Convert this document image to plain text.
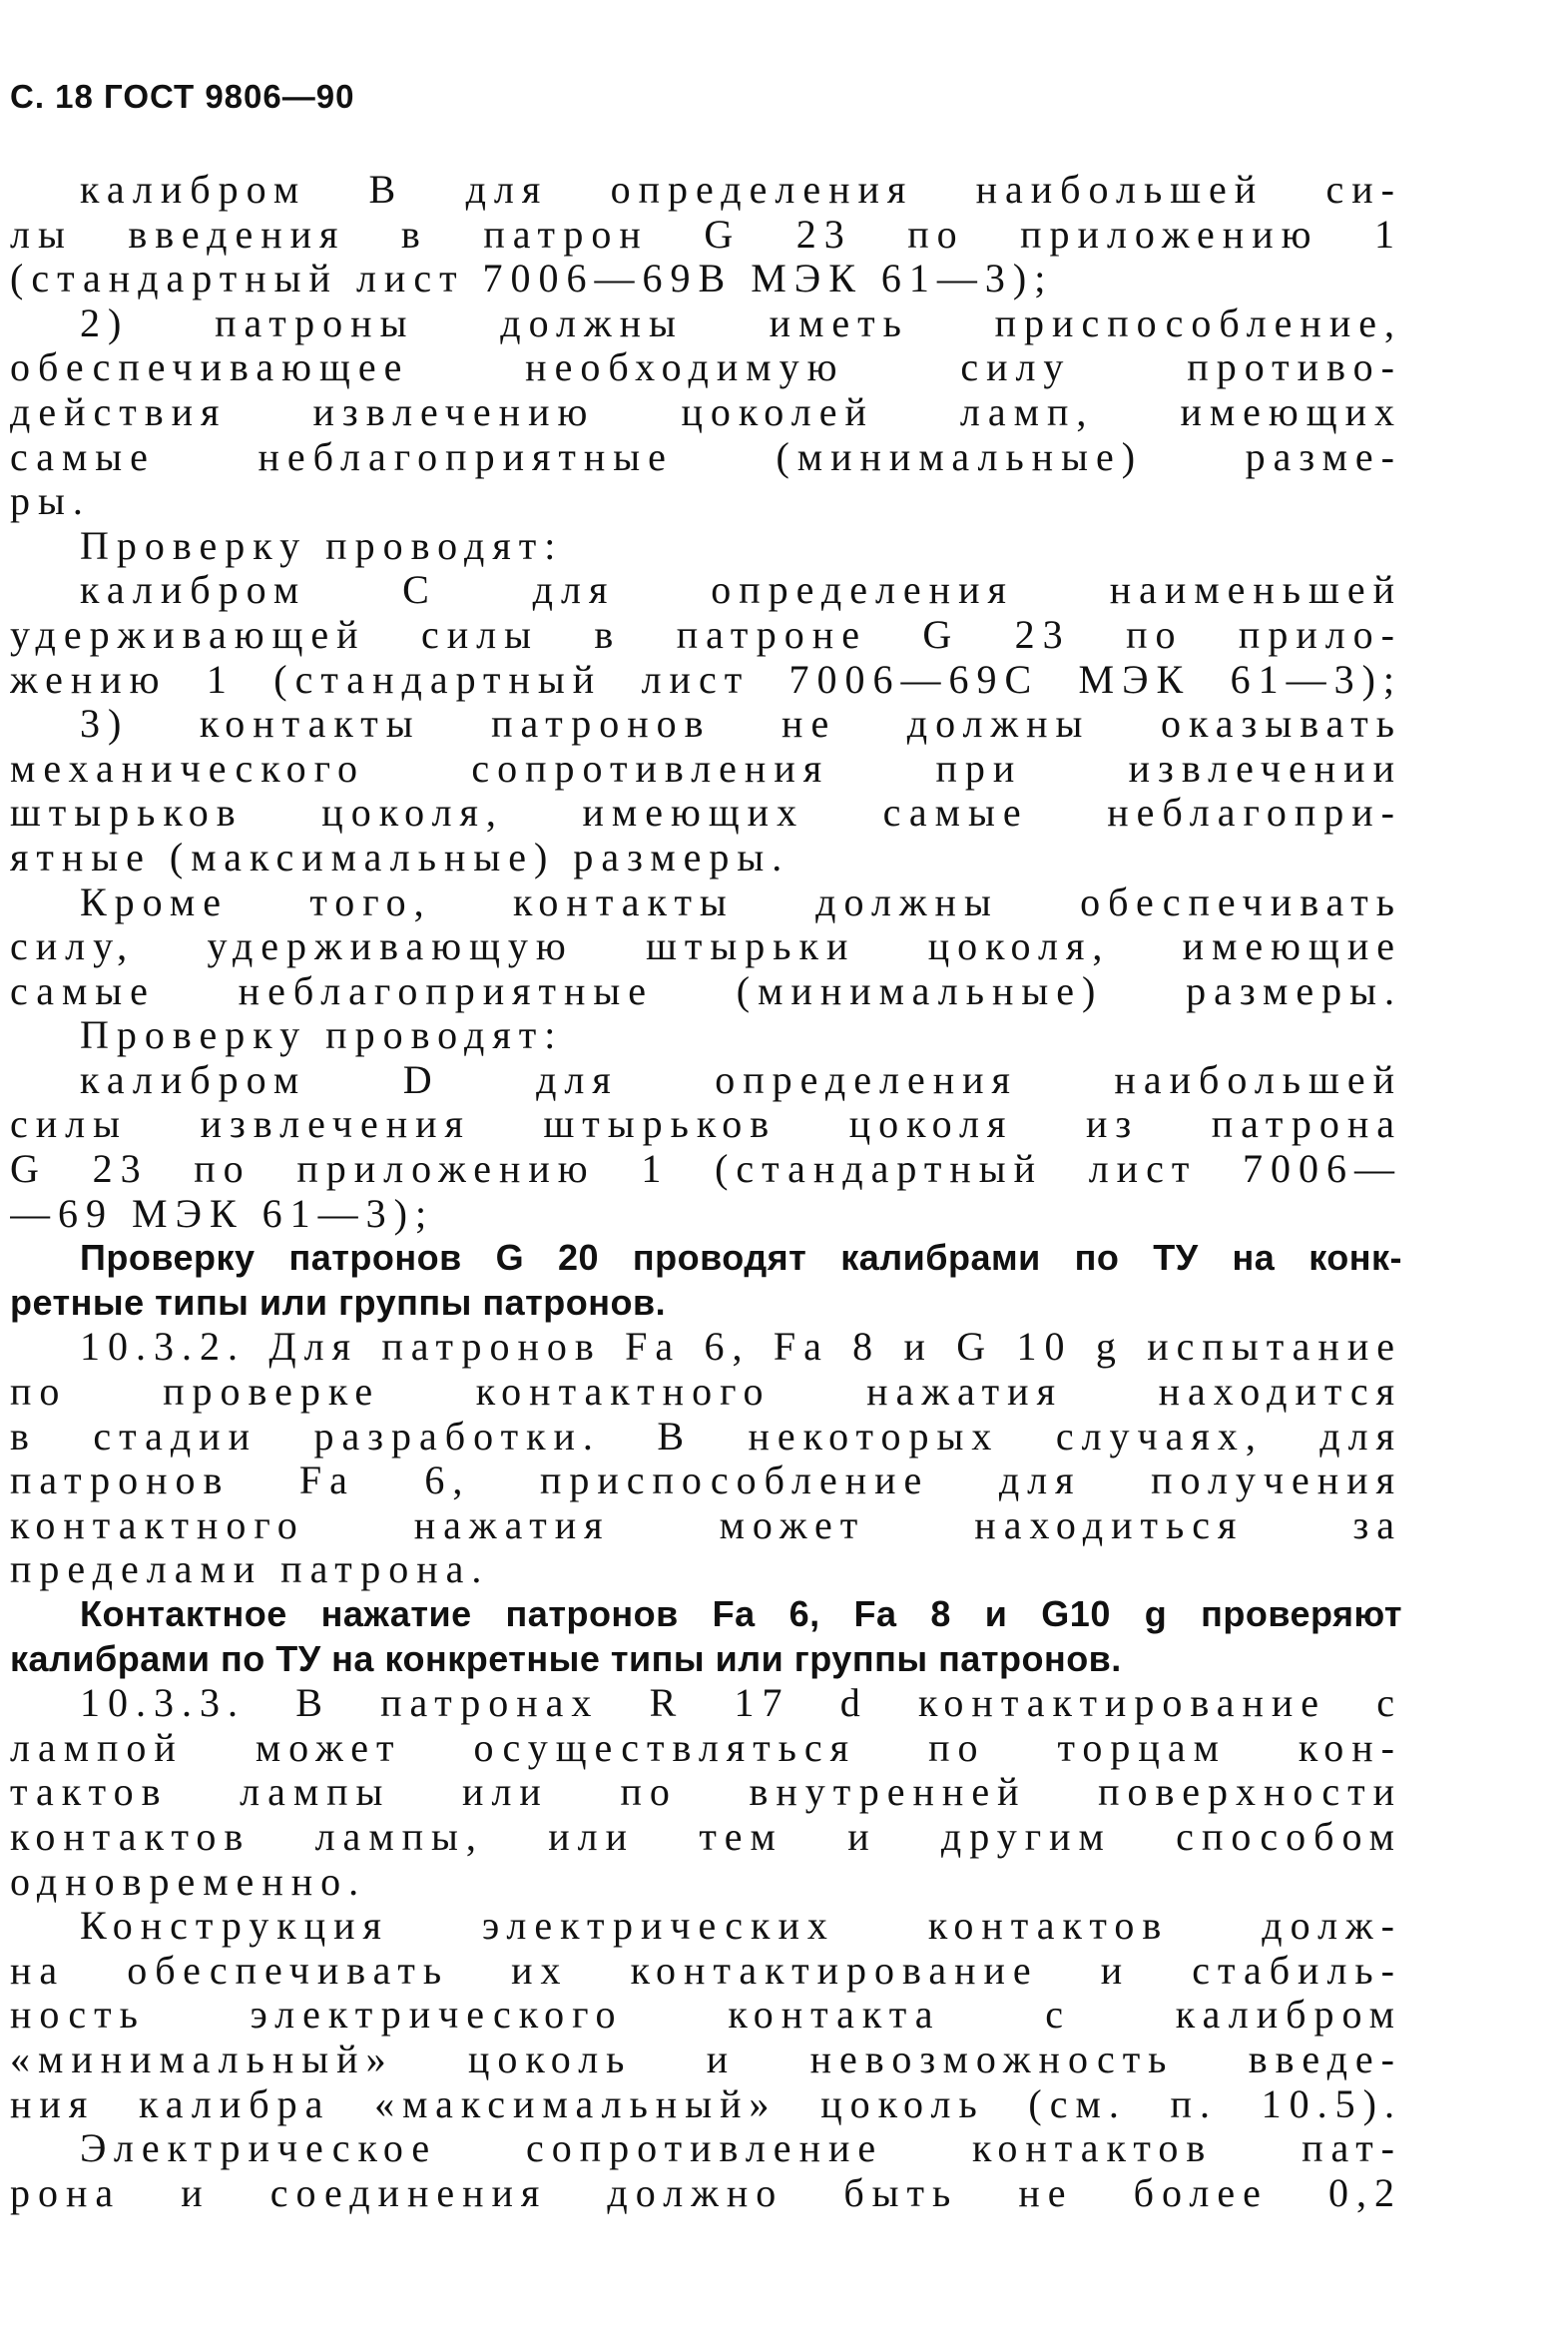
С. 18 ГОСТ 9806—90
калибром В для определения наибольшей си-
лы введения в патрон G 23 по приложению 1
(стандартный лист 7006—69В МЭК 61—3);
2) патроны должны иметь приспособление,
обеспечивающее необходимую силу противо-
действия извлечению цоколей ламп, имеющих
самые неблагоприятные (минимальные) разме-
ры.
Проверку проводят:
калибром С для определения наименьшей
удерживающей силы в патроне G 23 по прило-
жению 1 (стандартный лист 7006—69С МЭК 61—3);
3) контакты патронов не должны оказывать
механического сопротивления при извлечении
штырьков цоколя, имеющих самые неблагопри-
ятные (максимальные) размеры.
Кроме того, контакты должны обеспечивать
силу, удерживающую штырьки цоколя, имеющие
самые неблагоприятные (минимальные) размеры.
Проверку проводят:
калибром D для определения наибольшей
силы извлечения штырьков цоколя из патрона
G 23 по приложению 1 (стандартный лист 7006—
—69 МЭК 61—3);
Проверку патронов G 20 проводят калибрами по ТУ на конк-
ретные типы или группы патронов.
10.3.2. Для патронов Fa 6, Fa 8 и G 10 g испытание
по проверке контактного нажатия находится
в стадии разработки. В некоторых случаях, для
патронов Fa 6, приспособление для получения
контактного нажатия может находиться за
пределами патрона.
Контактное нажатие патронов Fa 6, Fa 8 и G10 g проверяют
калибрами по ТУ на конкретные типы или группы патронов.
10.3.3. В патронах R 17 d контактирование с
лампой может осуществляться по торцам кон-
тактов лампы или по внутренней поверхности
контактов лампы, или тем и другим способом
одновременно.
Конструкция электрических контактов долж-
на обеспечивать их контактирование и стабиль-
ность электрического контакта с калибром
«минимальный» цоколь и невозможность введе-
ния калибра «максимальный» цоколь (см. п. 10.5).
Электрическое сопротивление контактов пат-
рона и соединения должно быть не более 0,2
